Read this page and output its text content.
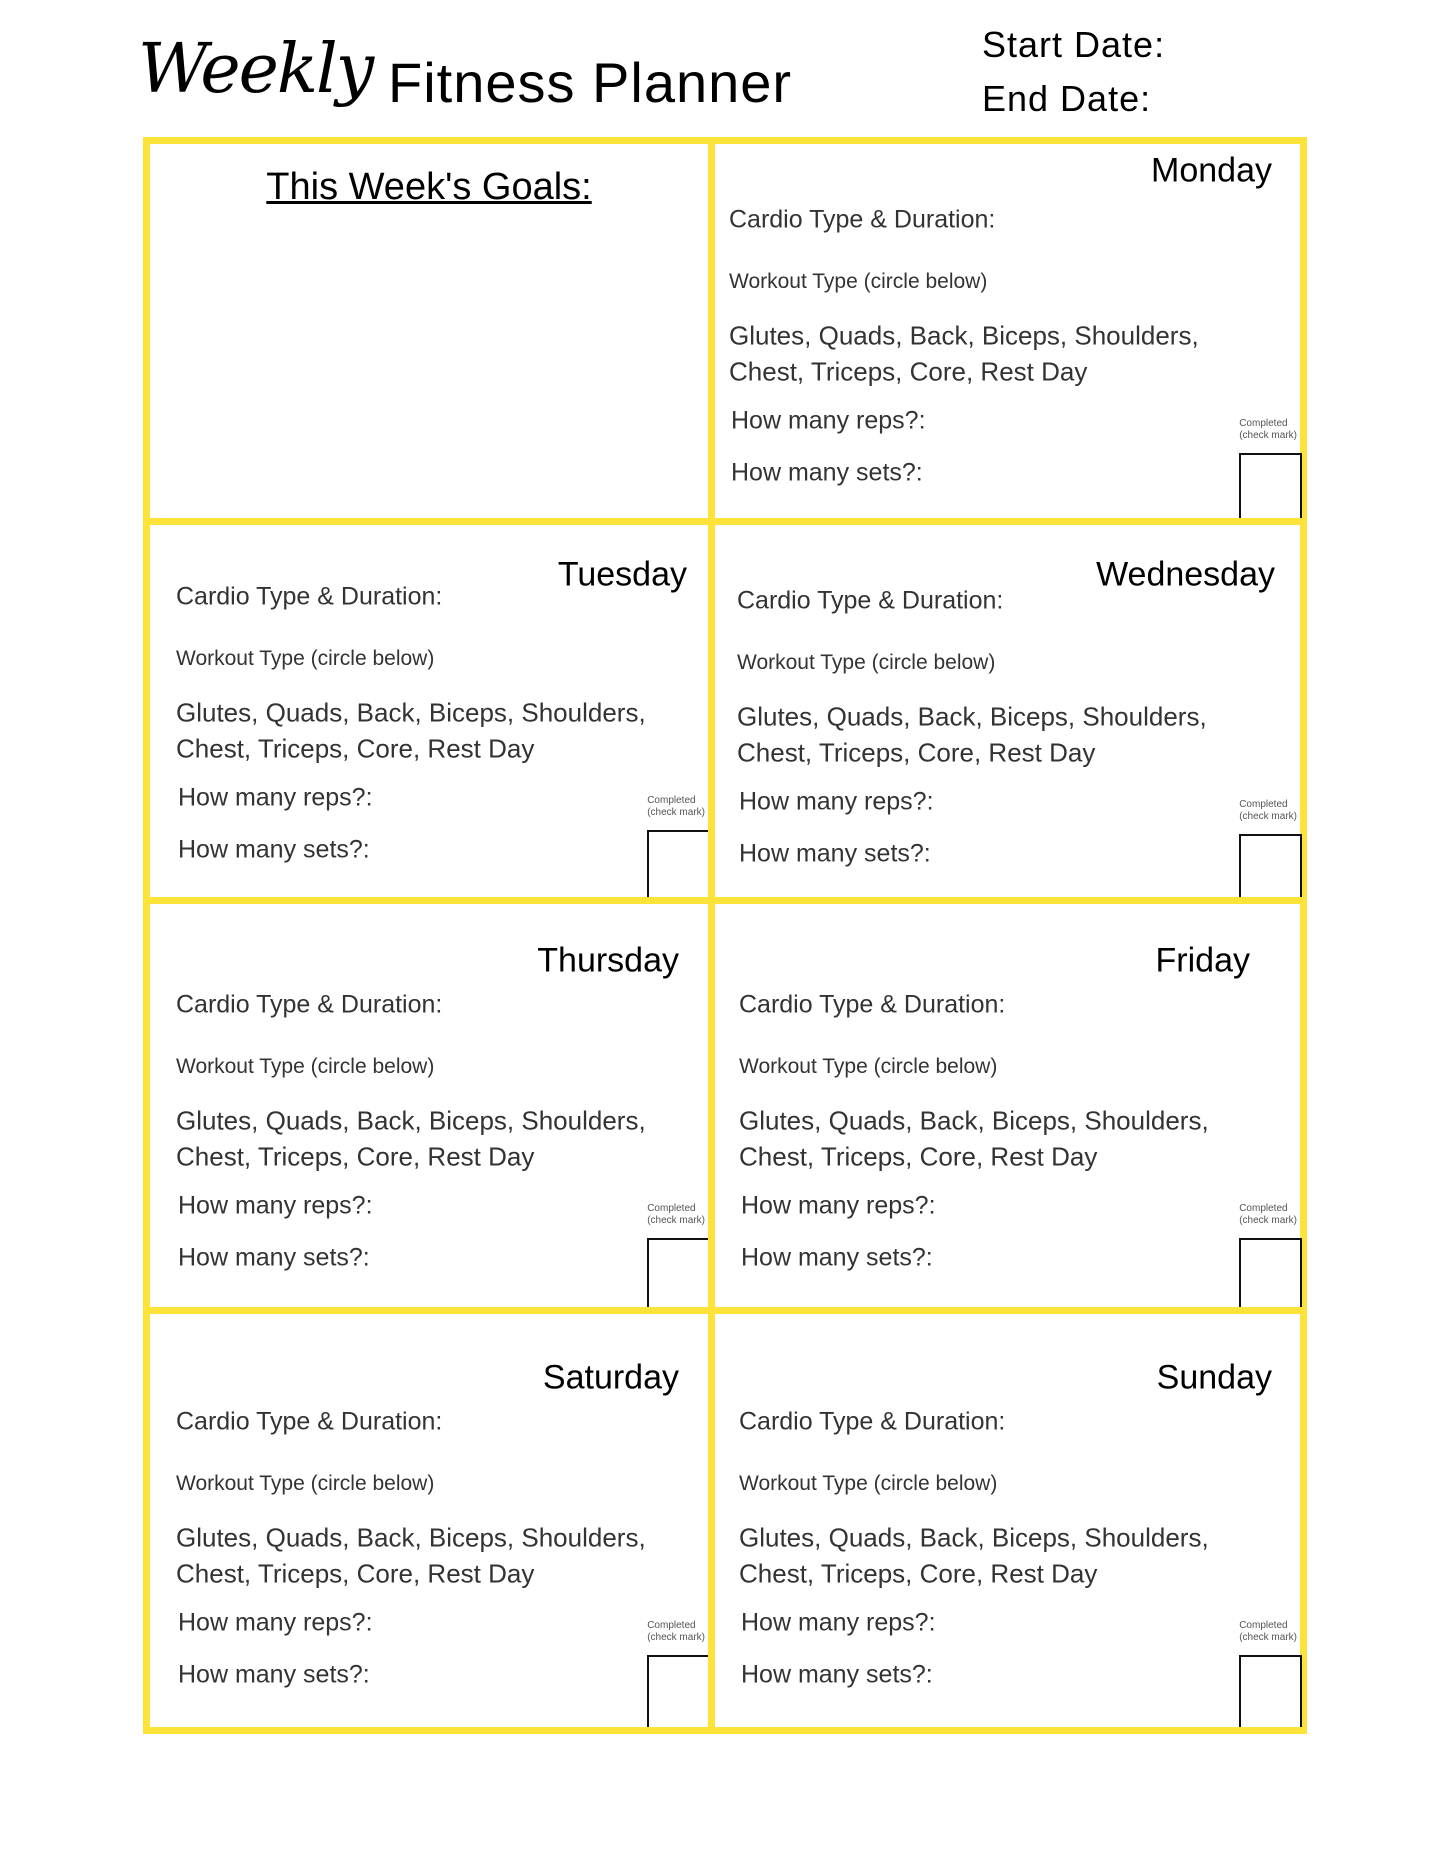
Weekly Fitness Planner
Start Date:
End Date:
This Week's Goals:	Monday
Cardio Type & Duration:
Workout Type (circle below)
Glutes, Quads, Back, Biceps, Shoulders,
Chest, Triceps, Core, Rest Day
How many reps?:
How many sets?:
Completed
(check mark)
Tuesday
Cardio Type & Duration:
Workout Type (circle below)
Glutes, Quads, Back, Biceps, Shoulders,
Chest, Triceps, Core, Rest Day
How many reps?:
How many sets?:
Completed
(check mark)
Wednesday
Cardio Type & Duration:
Workout Type (circle below)
Glutes, Quads, Back, Biceps, Shoulders,
Chest, Triceps, Core, Rest Day
How many reps?:
How many sets?:
Completed
(check mark)
Thursday
Cardio Type & Duration:
Workout Type (circle below)
Glutes, Quads, Back, Biceps, Shoulders,
Chest, Triceps, Core, Rest Day
How many reps?:
How many sets?:
Completed
(check mark)
Friday
Cardio Type & Duration:
Workout Type (circle below)
Glutes, Quads, Back, Biceps, Shoulders,
Chest, Triceps, Core, Rest Day
How many reps?:
How many sets?:
Completed
(check mark)
Saturday
Cardio Type & Duration:
Workout Type (circle below)
Glutes, Quads, Back, Biceps, Shoulders,
Chest, Triceps, Core, Rest Day
How many reps?:
How many sets?:
Completed
(check mark)
Sunday
Cardio Type & Duration:
Workout Type (circle below)
Glutes, Quads, Back, Biceps, Shoulders,
Chest, Triceps, Core, Rest Day
How many reps?:
How many sets?:
Completed
(check mark)
